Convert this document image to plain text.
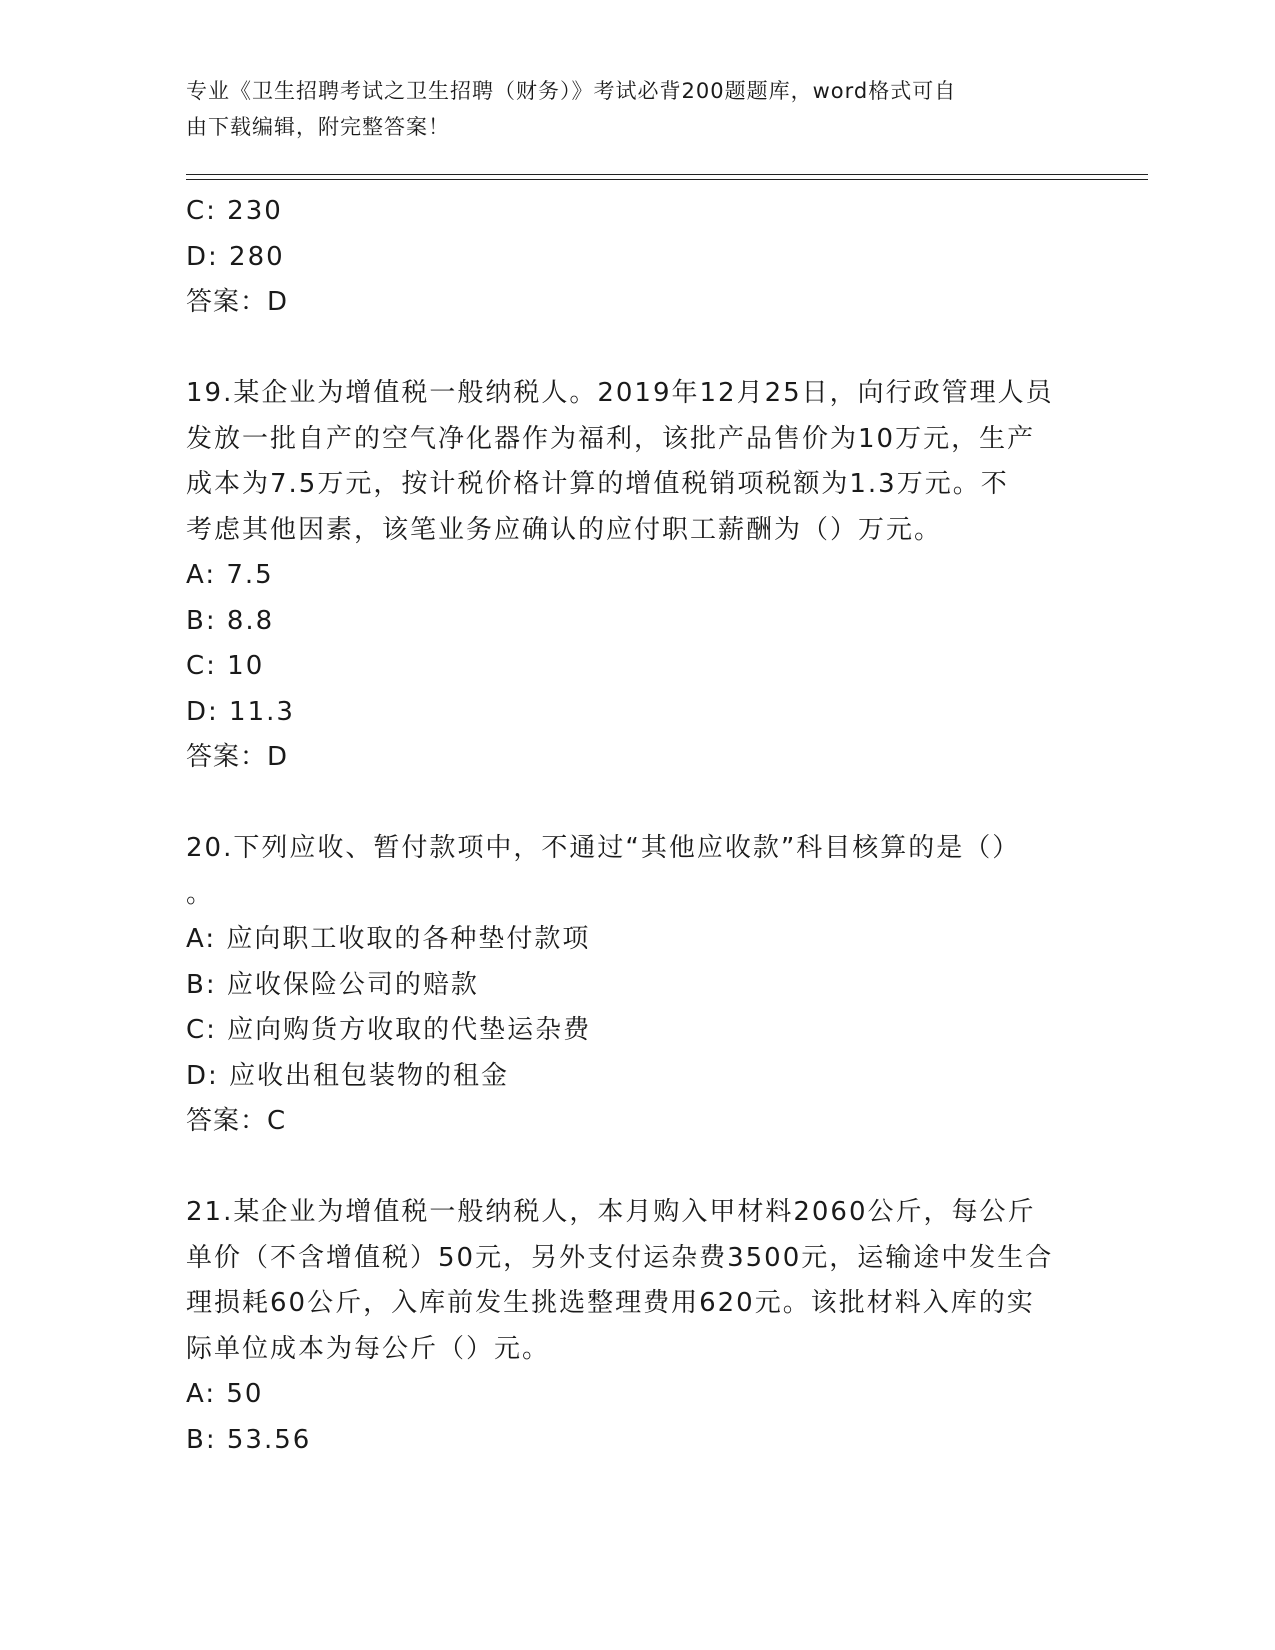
专业《卫生招聘考试之卫生招聘（财务）》考试必背200题题库，word格式可自
由下载编辑，附完整答案！
C: 230
D: 280
答案：D
19.某企业为增值税一般纳税人。2019年12月25日，向行政管理人员
发放一批自产的空气净化器作为福利，该批产品售价为10万元，生产
成本为7.5万元，按计税价格计算的增值税销项税额为1.3万元。不
考虑其他因素，该笔业务应确认的应付职工薪酬为（）万元。
A: 7.5
B: 8.8
C: 10
D: 11.3
答案：D
20.下列应收、暂付款项中，不通过“其他应收款”科目核算的是（）
。
A: 应向职工收取的各种垫付款项
B: 应收保险公司的赔款
C: 应向购货方收取的代垫运杂费
D: 应收出租包装物的租金
答案：C
21.某企业为增值税一般纳税人，本月购入甲材料2060公斤，每公斤
单价（不含增值税）50元，另外支付运杂费3500元，运输途中发生合
理损耗60公斤，入库前发生挑选整理费用620元。该批材料入库的实
际单位成本为每公斤（）元。
A: 50
B: 53.56
